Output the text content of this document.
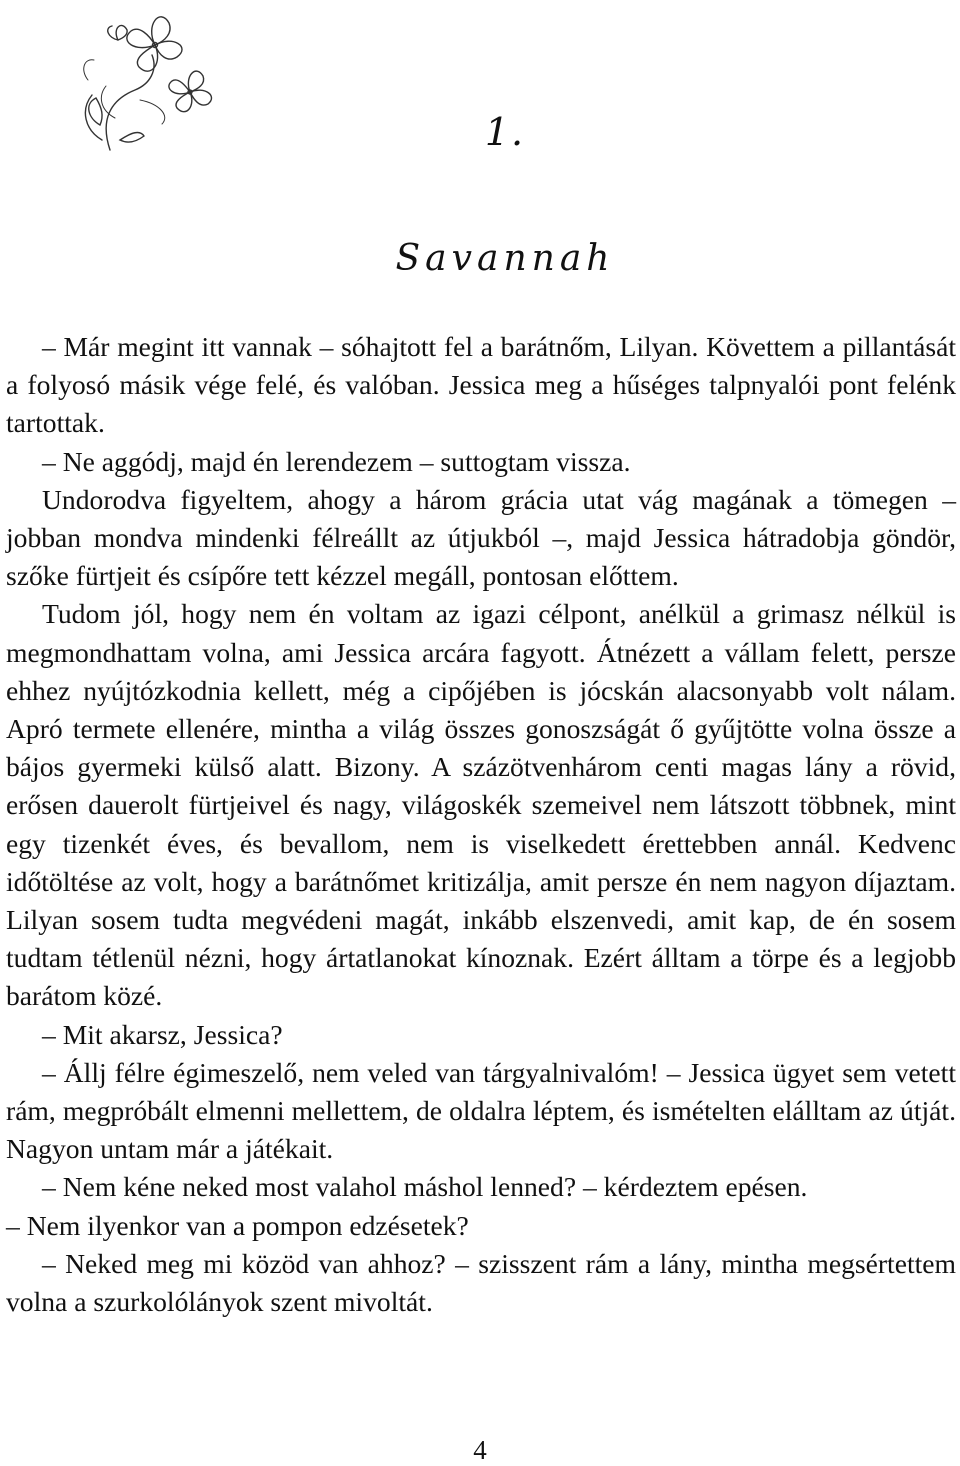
1.
Savannah

– Már megint itt vannak – sóhajtott fel a barátnőm, Lilyan. Követtem a pillantását a folyosó másik vége felé, és valóban. Jessica meg a hűséges talpnyalói pont felénk tartottak.

– Ne aggódj, majd én lerendezem – suttogtam vissza.

Undorodva figyeltem, ahogy a három grácia utat vág magának a tömegen – jobban mondva mindenki félreállt az útjukból –, majd Jessica hátradobja göndör, szőke fürtjeit és csípőre tett kézzel megáll, pontosan előttem.

Tudom jól, hogy nem én voltam az igazi célpont, anélkül a grimasz nélkül is megmondhattam volna, ami Jessica arcára fagyott. Átnézett a vállam felett, persze ehhez nyújtózkodnia kellett, még a cipőjében is jócskán alacsonyabb volt nálam. Apró termete ellenére, mintha a világ összes gonoszságát ő gyűjtötte volna össze a bájos gyermeki külső alatt. Bizony. A százötvenhárom centi magas lány a rövid, erősen dauerolt fürtjeivel és nagy, világoskék szemeivel nem látszott többnek, mint egy tizenkét éves, és bevallom, nem is viselkedett érettebben annál. Kedvenc időtöltése az volt, hogy a barátnőmet kritizálja, amit persze én nem nagyon díjaztam. Lilyan sosem tudta megvédeni magát, inkább elszenvedi, amit kap, de én sosem tudtam tétlenül nézni, hogy ártatlanokat kínoznak. Ezért álltam a törpe és a legjobb barátom közé.

– Mit akarsz, Jessica?

– Állj félre égimeszelő, nem veled van tárgyalnivalóm! – Jessica ügyet sem vetett rám, megpróbált elmenni mellettem, de oldalra léptem, és ismételten elálltam az útját. Nagyon untam már a játékait.

– Nem kéne neked most valahol máshol lenned? – kérdeztem epésen.

– Nem ilyenkor van a pompon edzésetek?

– Neked meg mi közöd van ahhoz? – szisszent rám a lány, mintha megsértettem volna a szurkolólányok szent mivoltát.

4
